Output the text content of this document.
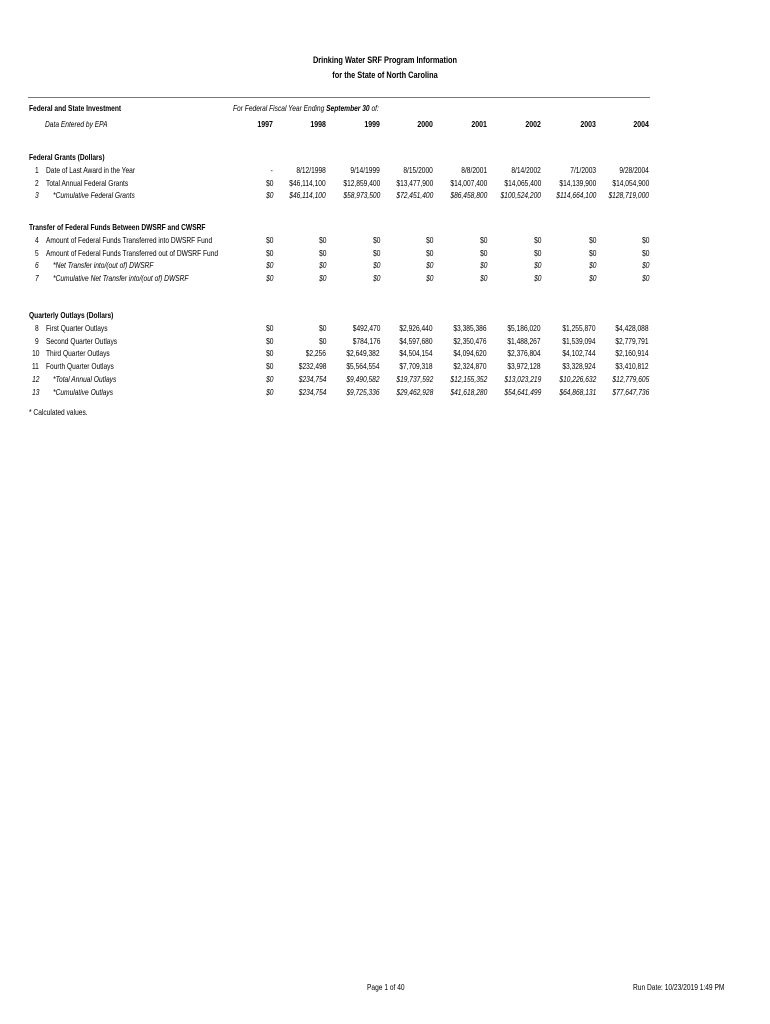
Drinking Water SRF Program Information
for the State of North Carolina
Federal and State Investment
Data Entered by EPA
For Federal Fiscal Year Ending September 30 of:
1997	1998	1999	2000	2001	2002	2003	2004
Federal Grants (Dollars)
1 Date of Last Award in the Year	-	8/12/1998	9/14/1999	8/15/2000	8/8/2001	8/14/2002	7/1/2003	9/28/2004
2 Total Annual Federal Grants	$0 $46,114,100 $12,859,400 $13,477,900 $14,007,400 $14,065,400 $14,139,900 $14,054,900
3 *Cumulative Federal Grants	$0 $46,114,100 $58,973,500 $72,451,400 $86,458,800 $100,524,200 $114,664,100 $128,719,000
Transfer of Federal Funds Between DWSRF and CWSRF
4 Amount of Federal Funds Transferred into DWSRF Fund	$0	$0	$0	$0	$0	$0	$0	$0
5 Amount of Federal Funds Transferred out of DWSRF Fund	$0	$0	$0	$0	$0	$0	$0	$0
6 *Net Transfer into/(out of) DWSRF	$0	$0	$0	$0	$0	$0	$0	$0
7 *Cumulative Net Transfer into/(out of) DWSRF	$0	$0	$0	$0	$0	$0	$0	$0
Quarterly Outlays (Dollars)
8 First Quarter Outlays	$0	$0	$492,470 $2,926,440 $3,385,386 $5,186,020	$1,255,870 $4,428,088
9 Second Quarter Outlays	$0	$0	$784,176 $4,597,680 $2,350,476 $1,488,267	$1,539,094 $2,779,791
10 Third Quarter Outlays	$0	$2,256 $2,649,382 $4,504,154 $4,094,620 $2,376,804	$4,102,744 $2,160,914
11 Fourth Quarter Outlays	$0	$232,498 $5,564,554 $7,709,318 $2,324,870 $3,972,128	$3,328,924 $3,410,812
12 *Total Annual Outlays	$0	$234,754 $9,490,582 $19,737,592 $12,155,352 $13,023,219 $10,226,632 $12,779,605
13 *Cumulative Outlays	$0	$234,754 $9,725,336 $29,462,928 $41,618,280 $54,641,499 $64,868,131 $77,647,736
* Calculated values.
Page 1 of 40	Run Date: 10/23/2019 1:49 PM
